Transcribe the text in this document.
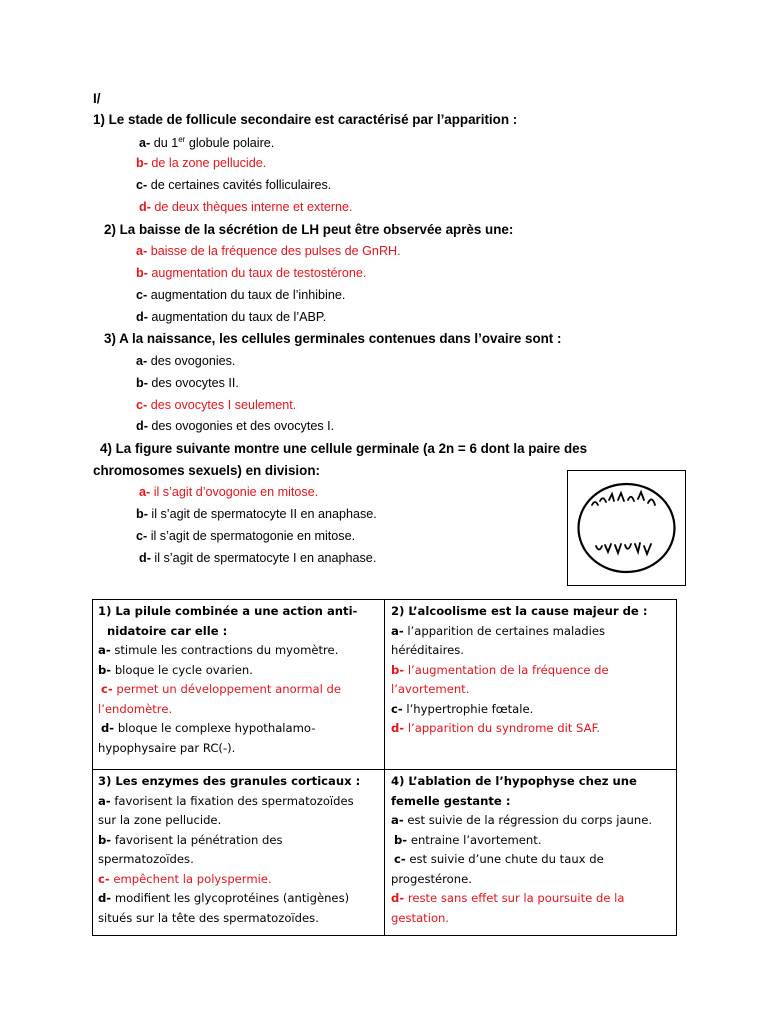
I/
1) Le stade de follicule secondaire est caractérisé par l’apparition :
a- du 1er globule polaire.
b- de la zone pellucide.
c- de certaines cavités folliculaires.
d- de deux thèques interne et externe.
2) La baisse de la sécrétion de LH peut être observée après une:
a- baisse de la fréquence des pulses de GnRH.
b- augmentation du taux de testostérone.
c- augmentation du taux de l’inhibine.
d- augmentation du taux de l’ABP.
3) A la naissance, les cellules germinales contenues dans l’ovaire sont :
a- des ovogonies.
b- des ovocytes II.
c- des ovocytes I seulement.
d- des ovogonies et des ovocytes I.
4) La figure suivante montre une cellule germinale (a 2n = 6 dont la paire des
chromosomes sexuels) en division:
a- il s’agit d’ovogonie en mitose.
b- il s’agit de spermatocyte II en anaphase.
c- il s’agit de spermatogonie en mitose.
d- il s’agit de spermatocyte I en anaphase.
1) La pilule combinée a une action anti-
nidatoire car elle :
a- stimule les contractions du myomètre.
b- bloque le cycle ovarien.
c- permet un développement anormal de
l’endomètre.
d- bloque le complexe hypothalamo-
hypophysaire par RC(-).
2) L’alcoolisme est la cause majeur de :
a- l’apparition de certaines maladies
héréditaires.
b- l’augmentation de la fréquence de
l’avortement.
c- l’hypertrophie fœtale.
d- l’apparition du syndrome dit SAF.
3) Les enzymes des granules corticaux :
a- favorisent la fixation des spermatozoïdes
sur la zone pellucide.
b- favorisent la pénétration des
spermatozoïdes.
c- empêchent la polyspermie.
d- modifient les glycoprotéines (antigènes)
situés sur la tête des spermatozoïdes.
4) L’ablation de l’hypophyse chez une
femelle gestante :
a- est suivie de la régression du corps jaune.
b- entraine l’avortement.
c- est suivie d’une chute du taux de
progestérone.
d- reste sans effet sur la poursuite de la
gestation.
